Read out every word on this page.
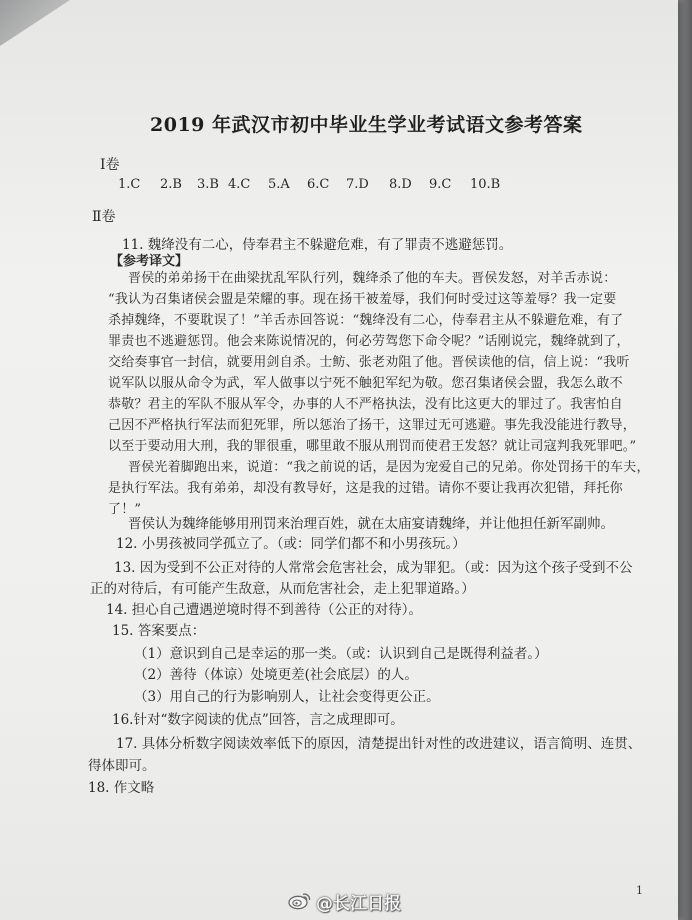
2019 年武汉市初中毕业生学业考试语文参考答案
Ⅰ卷
1.C 2.B 3.B 4.C 5.A 6.C 7.D 8.D 9.C 10.B
Ⅱ卷
11. 魏绛没有二心，侍奉君主不躲避危难，有了罪责不逃避惩罚。
【参考译文】
晋侯的弟弟扬干在曲梁扰乱军队行列，魏绛杀了他的车夫。晋侯发怒，对羊舌赤说：
“我认为召集诸侯会盟是荣耀的事。现在扬干被羞辱，我们何时受过这等羞辱？我一定要
杀掉魏绛，不要耽误了！”羊舌赤回答说：“魏绛没有二心，侍奉君主从不躲避危难，有了
罪责也不逃避惩罚。他会来陈说情况的，何必劳驾您下命令呢？”话刚说完，魏绛就到了，
交给奏事官一封信，就要用剑自杀。士鲂、张老劝阻了他。晋侯读他的信，信上说：“我听
说军队以服从命令为武，军人做事以宁死不触犯军纪为敬。您召集诸侯会盟，我怎么敢不
恭敬？君主的军队不服从军令，办事的人不严格执法，没有比这更大的罪过了。我害怕自
己因不严格执行军法而犯死罪，所以惩治了扬干，这罪过无可逃避。事先我没能进行教导，
以至于要动用大刑，我的罪很重，哪里敢不服从刑罚而使君王发怒？就让司寇判我死罪吧。”
晋侯光着脚跑出来，说道：“我之前说的话，是因为宠爱自己的兄弟。你处罚扬干的车夫，
是执行军法。我有弟弟，却没有教导好，这是我的过错。请你不要让我再次犯错，拜托你
了！”
晋侯认为魏绛能够用刑罚来治理百姓，就在太庙宴请魏绛，并让他担任新军副帅。
12. 小男孩被同学孤立了。（或：同学们都不和小男孩玩。）
13. 因为受到不公正对待的人常常会危害社会，成为罪犯。（或：因为这个孩子受到不公
正的对待后，有可能产生敌意，从而危害社会，走上犯罪道路。）
14. 担心自己遭遇逆境时得不到善待（公正的对待）。
15. 答案要点：
（1）意识到自己是幸运的那一类。（或：认识到自己是既得利益者。）
（2）善待（体谅）处境更差(社会底层）的人。
（3）用自己的行为影响别人，让社会变得更公正。
16.针对“数字阅读的优点”回答，言之成理即可。
17. 具体分析数字阅读效率低下的原因，清楚提出针对性的改进建议，语言简明、连贯、
得体即可。
18. 作文略
1
@长江日报
